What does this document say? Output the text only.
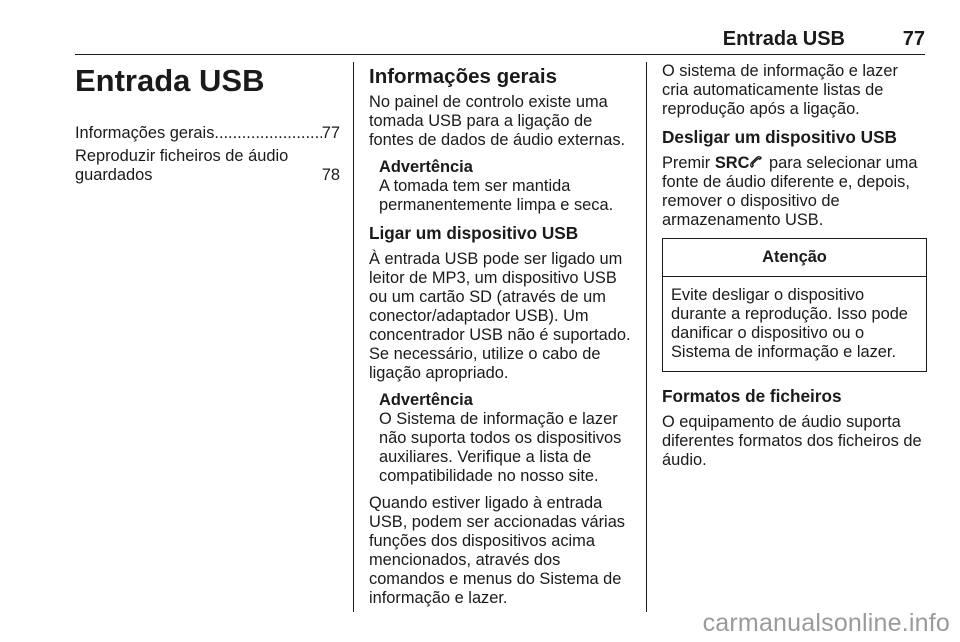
Entrada USB	77
Entrada USB
Informações gerais .....	77
Reproduzir ficheiros de áudio guardados	78
Informações gerais

No painel de controlo existe uma tomada USB para a ligação de fontes de dados de áudio externas.

Advertência
A tomada tem ser mantida permanentemente limpa e seca.
Ligar um dispositivo USB

À entrada USB pode ser ligado um leitor de MP3, um dispositivo USB ou um cartão SD (através de um conector/adaptador USB). Um concentrador USB não é suportado. Se necessário, utilize o cabo de ligação apropriado.

Advertência
O Sistema de informação e lazer não suporta todos os dispositivos auxiliares. Verifique a lista de compatibilidade no nosso site.

Quando estiver ligado à entrada USB, podem ser accionadas várias funções dos dispositivos acima mencionados, através dos comandos e menus do Sistema de informação e lazer.

O sistema de informação e lazer cria automaticamente listas de reprodução após a ligação.

Desligar um dispositivo USB

Premir SRC para selecionar uma fonte de áudio diferente e, depois, remover o dispositivo de armazenamento USB.

Atenção
Evite desligar o dispositivo durante a reprodução. Isso pode danificar o dispositivo ou o Sistema de informação e lazer.
Formatos de ficheiros

O equipamento de áudio suporta diferentes formatos dos ficheiros de áudio.

carmanualsonline.info
